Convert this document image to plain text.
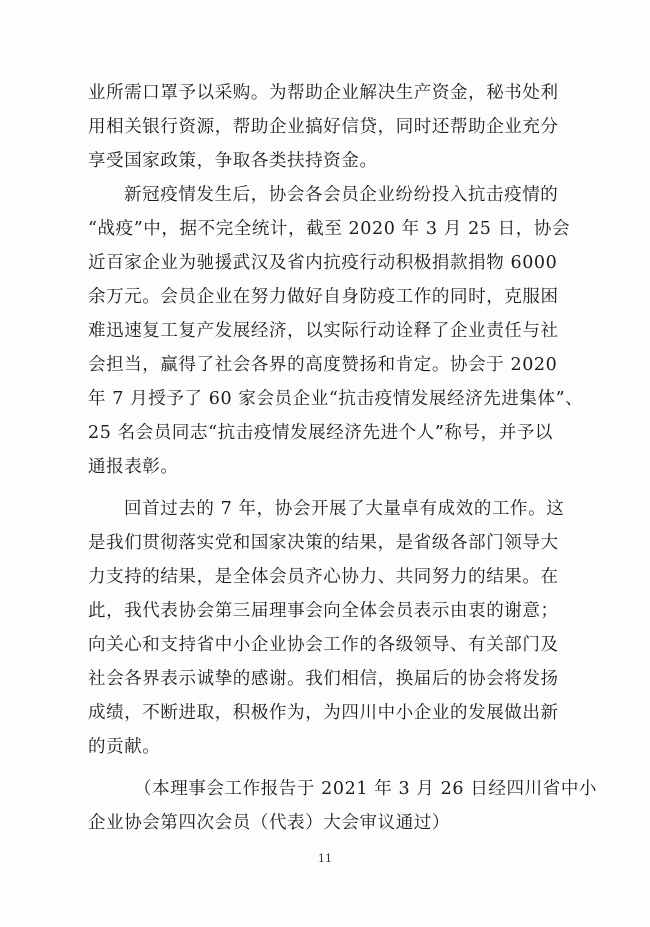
业所需口罩予以采购。为帮助企业解决生产资金，秘书处利
用相关银行资源，帮助企业搞好信贷，同时还帮助企业充分
享受国家政策，争取各类扶持资金。
新冠疫情发生后，协会各会员企业纷纷投入抗击疫情的
“战疫”中，据不完全统计，截至 2020 年 3 月 25 日，协会
近百家企业为驰援武汉及省内抗疫行动积极捐款捐物 6000
余万元。会员企业在努力做好自身防疫工作的同时，克服困
难迅速复工复产发展经济，以实际行动诠释了企业责任与社
会担当，赢得了社会各界的高度赞扬和肯定。协会于 2020
年 7 月授予了 60 家会员企业“抗击疫情发展经济先进集体”、
25 名会员同志“抗击疫情发展经济先进个人”称号，并予以
通报表彰。
回首过去的 7 年，协会开展了大量卓有成效的工作。这
是我们贯彻落实党和国家决策的结果，是省级各部门领导大
力支持的结果，是全体会员齐心协力、共同努力的结果。在
此，我代表协会第三届理事会向全体会员表示由衷的谢意；
向关心和支持省中小企业协会工作的各级领导、有关部门及
社会各界表示诚挚的感谢。我们相信，换届后的协会将发扬
成绩，不断进取，积极作为，为四川中小企业的发展做出新
的贡献。
（本理事会工作报告于 2021 年 3 月 26 日经四川省中小
企业协会第四次会员（代表）大会审议通过）
11
